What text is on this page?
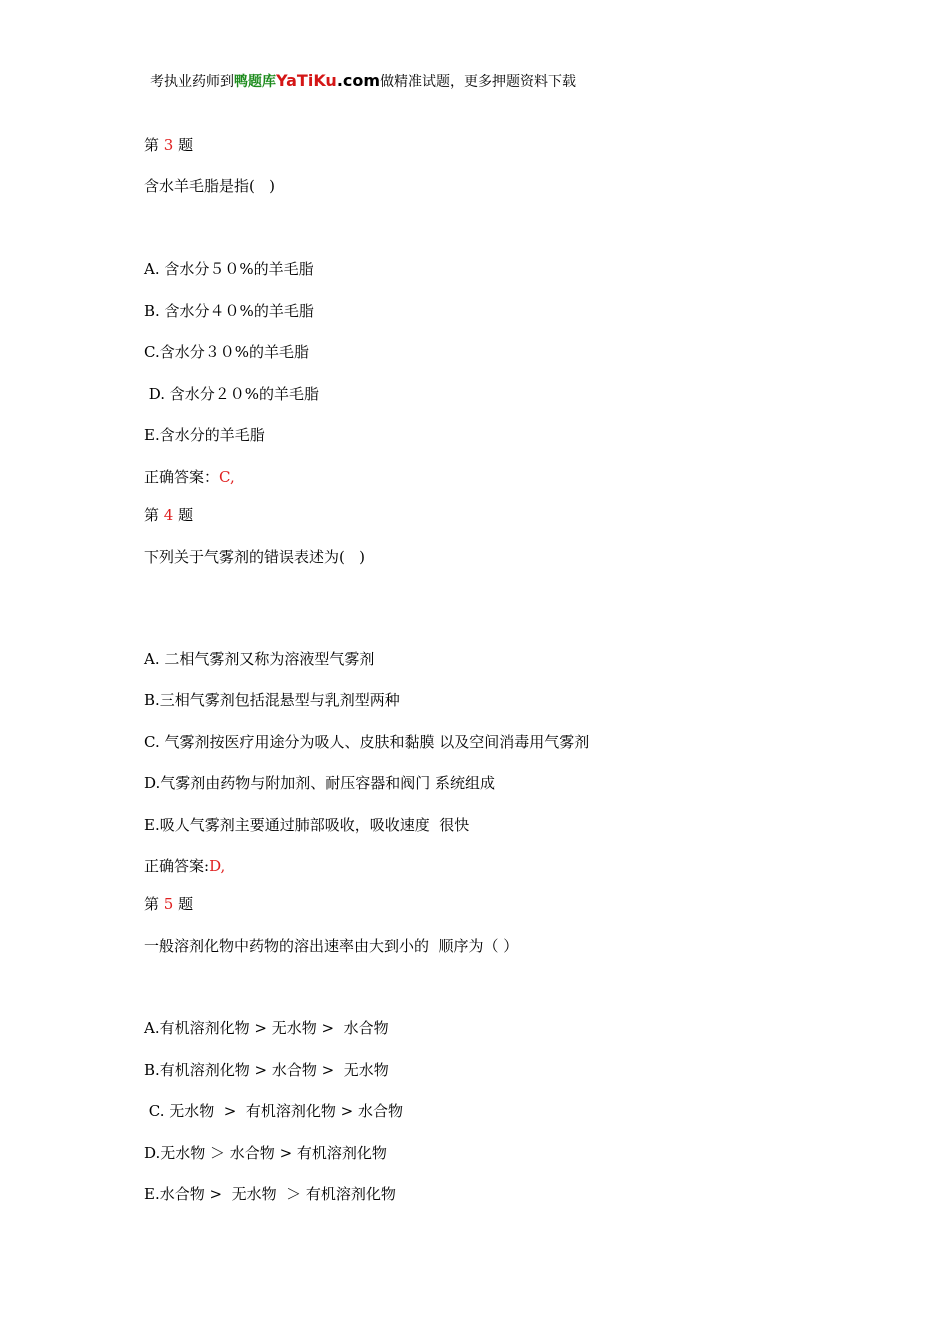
考执业药师到鸭题库YaTiKu.com做精准试题，更多押题资料下载
第 3 题
含水羊毛脂是指(   )
A. 含水分５０%的羊毛脂
B. 含水分４０%的羊毛脂
C.含水分３０%的羊毛脂
D. 含水分２０%的羊毛脂
E.含水分的羊毛脂
正确答案：C,
第 4 题
下列关于气雾剂的错误表述为(   )
A. 二相气雾剂又称为溶液型气雾剂
B.三相气雾剂包括混悬型与乳剂型两种
C. 气雾剂按医疗用途分为吸人、皮肤和黏膜 以及空间消毒用气雾剂
D.气雾剂由药物与附加剂、耐压容器和阀门 系统组成
E.吸人气雾剂主要通过肺部吸收，吸收速度  很快
正确答案:D,
第 5 题
一般溶剂化物中药物的溶出速率由大到小的  顺序为（ ）
A.有机溶剂化物 > 无水物 >  水合物
B.有机溶剂化物 > 水合物 >  无水物
C. 无水物  >  有机溶剂化物 > 水合物
D.无水物 ＞ 水合物 > 有机溶剂化物
E.水合物 >  无水物  ＞ 有机溶剂化物
